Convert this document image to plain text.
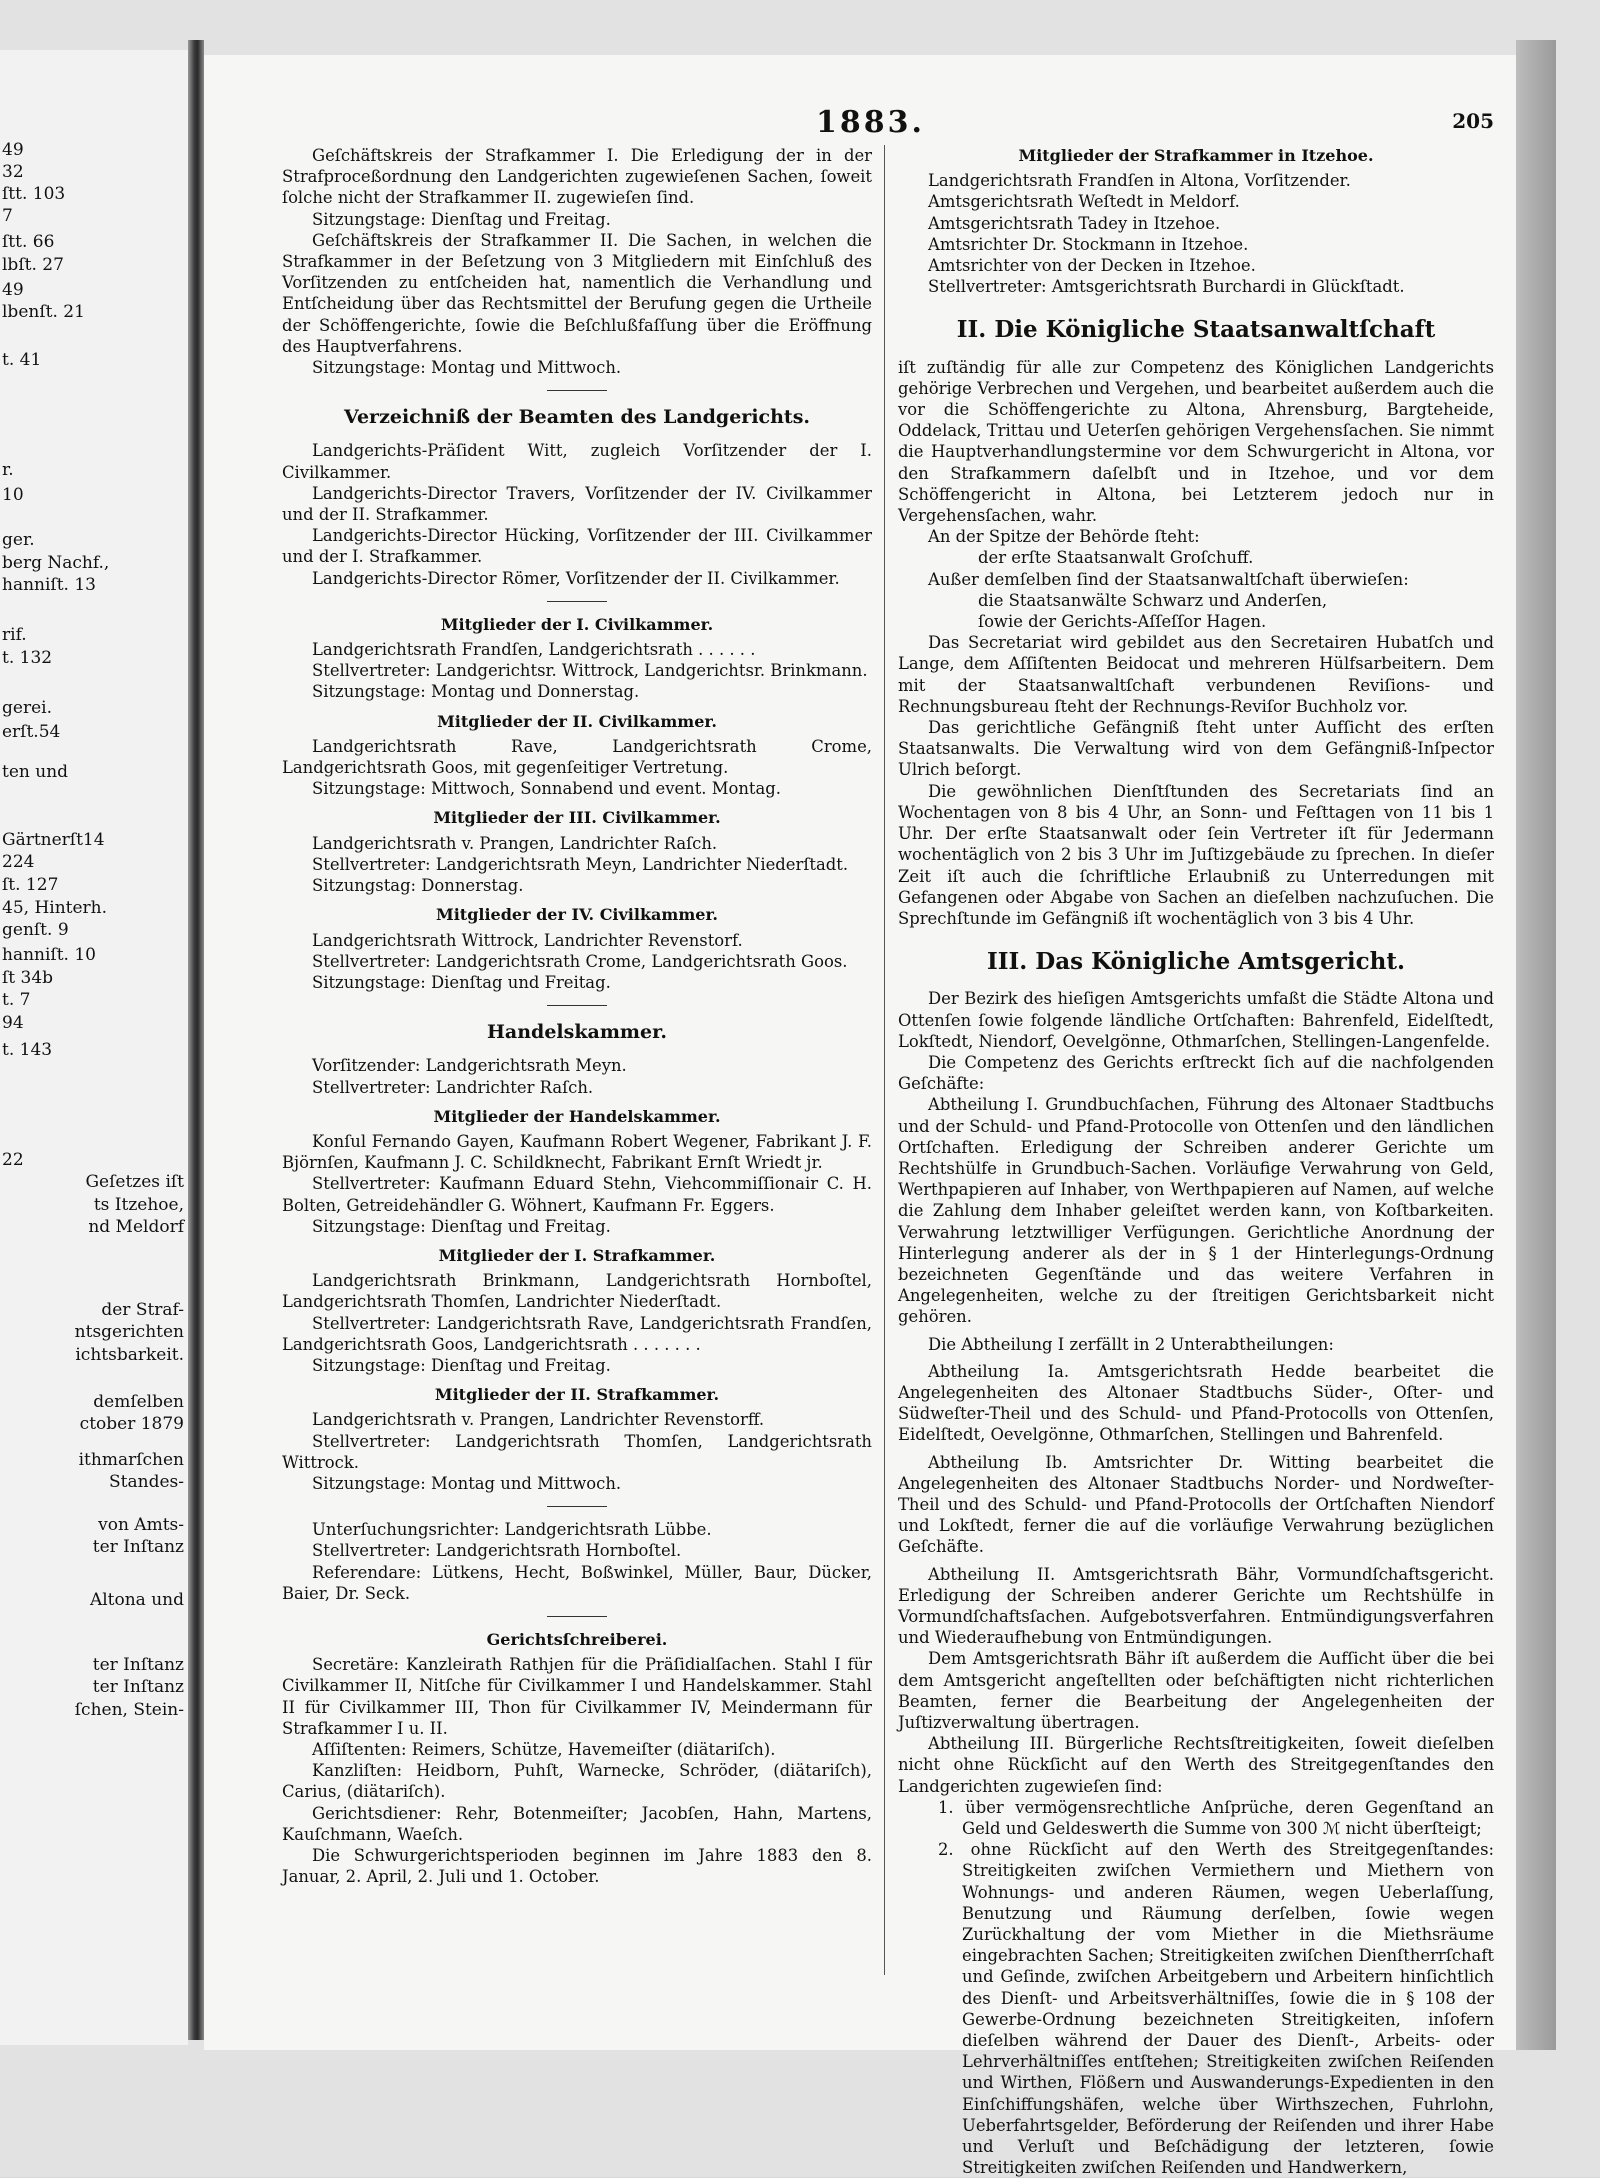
49
32
ſtt. 103
7
ſtt. 66
lbſt. 27
49
lbenſt. 21
t. 41
r.
10
ger.
berg Nachf.,
hanniſt. 13
rif.
t. 132
gerei.
erſt.54
ten und
Gärtnerſt14
224
ſt. 127
45, Hinterh.
genſt. 9
hanniſt. 10
ſt 34b
t. 7
94
t. 143
22
Geſetzes iſt
ts Itzehoe,
nd Meldorf
der Straf-
ntsgerichten
ichtsbarkeit.
demſelben
ctober 1879
ithmarſchen
Standes-
von Amts-
ter Inſtanz
Altona und
ter Inſtanz
ter Inſtanz
ſchen, Stein-
1883.	205

Geſchäftskreis der Strafkammer I. Die Erledigung der in der Strafproceßordnung den Landgerichten zugewieſenen Sachen, ſoweit ſolche nicht der Strafkammer II. zugewieſen ſind.

Sitzungstage: Dienſtag und Freitag.

Geſchäftskreis der Strafkammer II. Die Sachen, in welchen die Strafkammer in der Beſetzung von 3 Mitgliedern mit Einſchluß des Vorſitzenden zu entſcheiden hat, namentlich die Verhandlung und Entſcheidung über das Rechtsmittel der Berufung gegen die Urtheile der Schöffengerichte, ſowie die Beſchlußfaſſung über die Eröffnung des Hauptverfahrens.

Sitzungstage: Montag und Mittwoch.

Verzeichniß der Beamten des Landgerichts.

Landgerichts-Präſident Witt, zugleich Vorſitzender der I. Civilkammer.

Landgerichts-Director Travers, Vorſitzender der IV. Civilkammer und der II. Strafkammer.

Landgerichts-Director Hücking, Vorſitzender der III. Civilkammer und der I. Strafkammer.

Landgerichts-Director Römer, Vorſitzender der II. Civilkammer.

Mitglieder der I. Civilkammer.

Landgerichtsrath Frandſen, Landgerichtsrath . . . . . .

Stellvertreter: Landgerichtsr. Wittrock, Landgerichtsr. Brinkmann.

Sitzungstage: Montag und Donnerstag.

Mitglieder der II. Civilkammer.

Landgerichtsrath Rave, Landgerichtsrath Crome, Landgerichtsrath Goos, mit gegenſeitiger Vertretung.

Sitzungstage: Mittwoch, Sonnabend und event. Montag.

Mitglieder der III. Civilkammer.

Landgerichtsrath v. Prangen, Landrichter Raſch.

Stellvertreter: Landgerichtsrath Meyn, Landrichter Niederſtadt.

Sitzungstag: Donnerstag.

Mitglieder der IV. Civilkammer.

Landgerichtsrath Wittrock, Landrichter Revenstorf.

Stellvertreter: Landgerichtsrath Crome, Landgerichtsrath Goos.

Sitzungstage: Dienſtag und Freitag.

Handelskammer.

Vorſitzender: Landgerichtsrath Meyn.

Stellvertreter: Landrichter Raſch.

Mitglieder der Handelskammer.

Konſul Fernando Gayen, Kaufmann Robert Wegener, Fabrikant J. F. Björnſen, Kaufmann J. C. Schildknecht, Fabrikant Ernſt Wriedt jr.

Stellvertreter: Kaufmann Eduard Stehn, Viehcommiſſionair C. H. Bolten, Getreidehändler G. Wöhnert, Kaufmann Fr. Eggers.

Sitzungstage: Dienſtag und Freitag.

Mitglieder der I. Strafkammer.

Landgerichtsrath Brinkmann, Landgerichtsrath Hornboſtel, Landgerichtsrath Thomſen, Landrichter Niederſtadt.

Stellvertreter: Landgerichtsrath Rave, Landgerichtsrath Frandſen, Landgerichtsrath Goos, Landgerichtsrath . . . . . . .

Sitzungstage: Dienſtag und Freitag.

Mitglieder der II. Strafkammer.

Landgerichtsrath v. Prangen, Landrichter Revenstorff.

Stellvertreter: Landgerichtsrath Thomſen, Landgerichtsrath Wittrock.

Sitzungstage: Montag und Mittwoch.

Unterſuchungsrichter: Landgerichtsrath Lübbe.

Stellvertreter: Landgerichtsrath Hornboſtel.

Referendare: Lütkens, Hecht, Boßwinkel, Müller, Baur, Dücker, Baier, Dr. Seck.

Gerichtsſchreiberei.

Secretäre: Kanzleirath Rathjen für die Präſidialſachen. Stahl I für Civilkammer II, Nitſche für Civilkammer I und Handelskammer. Stahl II für Civilkammer III, Thon für Civilkammer IV, Meindermann für Strafkammer I u. II.

Aſſiſtenten: Reimers, Schütze, Havemeiſter (diätariſch).

Kanzliſten: Heidborn, Puhſt, Warnecke, Schröder, (diätariſch), Carius, (diätariſch).

Gerichtsdiener: Rehr, Botenmeiſter; Jacobſen, Hahn, Martens, Kauſchmann, Waeſch.

Die Schwurgerichtsperioden beginnen im Jahre 1883 den 8. Januar, 2. April, 2. Juli und 1. October.

Mitglieder der Strafkammer in Itzehoe.

Landgerichtsrath Frandſen in Altona, Vorſitzender.

Amtsgerichtsrath Weſtedt in Meldorf.

Amtsgerichtsrath Tadey in Itzehoe.

Amtsrichter Dr. Stockmann in Itzehoe.

Amtsrichter von der Decken in Itzehoe.

Stellvertreter: Amtsgerichtsrath Burchardi in Glückſtadt.

II. Die Königliche Staatsanwaltſchaft

iſt zuſtändig für alle zur Competenz des Königlichen Landgerichts gehörige Verbrechen und Vergehen, und bearbeitet außerdem auch die vor die Schöffengerichte zu Altona, Ahrensburg, Bargteheide, Oddelack, Trittau und Ueterſen gehörigen Vergehensſachen. Sie nimmt die Hauptverhandlungstermine vor dem Schwurgericht in Altona, vor den Strafkammern daſelbſt und in Itzehoe, und vor dem Schöffengericht in Altona, bei Letzterem jedoch nur in Vergehensſachen, wahr.

An der Spitze der Behörde ſteht:

der erſte Staatsanwalt Groſchuff.

Außer demſelben ſind der Staatsanwaltſchaft überwieſen:

die Staatsanwälte Schwarz und Anderſen,

ſowie der Gerichts-Aſſeſſor Hagen.

Das Secretariat wird gebildet aus den Secretairen Hubatſch und Lange, dem Aſſiſtenten Beidocat und mehreren Hülfsarbeitern. Dem mit der Staatsanwaltſchaft verbundenen Reviſions- und Rechnungsbureau ſteht der Rechnungs-Reviſor Buchholz vor.

Das gerichtliche Gefängniß ſteht unter Aufſicht des erſten Staatsanwalts. Die Verwaltung wird von dem Gefängniß-Inſpector Ulrich beſorgt.

Die gewöhnlichen Dienſtſtunden des Secretariats ſind an Wochentagen von 8 bis 4 Uhr, an Sonn- und Feſttagen von 11 bis 1 Uhr. Der erſte Staatsanwalt oder ſein Vertreter iſt für Jedermann wochentäglich von 2 bis 3 Uhr im Juſtizgebäude zu ſprechen. In dieſer Zeit iſt auch die ſchriftliche Erlaubniß zu Unterredungen mit Gefangenen oder Abgabe von Sachen an dieſelben nachzuſuchen. Die Sprechſtunde im Gefängniß iſt wochentäglich von 3 bis 4 Uhr.

III. Das Königliche Amtsgericht.

Der Bezirk des hieſigen Amtsgerichts umfaßt die Städte Altona und Ottenſen ſowie folgende ländliche Ortſchaften: Bahrenfeld, Eidelſtedt, Lokſtedt, Niendorf, Oevelgönne, Othmarſchen, Stellingen-Langenfelde.

Die Competenz des Gerichts erſtreckt ſich auf die nachfolgenden Geſchäfte:

Abtheilung I. Grundbuchſachen, Führung des Altonaer Stadtbuchs und der Schuld- und Pfand-Protocolle von Ottenſen und den ländlichen Ortſchaften. Erledigung der Schreiben anderer Gerichte um Rechtshülfe in Grundbuch-Sachen. Vorläufige Verwahrung von Geld, Werthpapieren auf Inhaber, von Werthpapieren auf Namen, auf welche die Zahlung dem Inhaber geleiſtet werden kann, von Koſtbarkeiten. Verwahrung letztwilliger Verfügungen. Gerichtliche Anordnung der Hinterlegung anderer als der in § 1 der Hinterlegungs-Ordnung bezeichneten Gegenſtände und das weitere Verfahren in Angelegenheiten, welche zu der ſtreitigen Gerichtsbarkeit nicht gehören.

Die Abtheilung I zerfällt in 2 Unterabtheilungen:

Abtheilung Ia. Amtsgerichtsrath Hedde bearbeitet die Angelegenheiten des Altonaer Stadtbuchs Süder-, Oſter- und Südweſter-Theil und des Schuld- und Pfand-Protocolls von Ottenſen, Eidelſtedt, Oevelgönne, Othmarſchen, Stellingen und Bahrenfeld.

Abtheilung Ib. Amtsrichter Dr. Witting bearbeitet die Angelegenheiten des Altonaer Stadtbuchs Norder- und Nordweſter-Theil und des Schuld- und Pfand-Protocolls der Ortſchaften Niendorf und Lokſtedt, ferner die auf die vorläufige Verwahrung bezüglichen Geſchäfte.

Abtheilung II. Amtsgerichtsrath Bähr, Vormundſchaftsgericht. Erledigung der Schreiben anderer Gerichte um Rechtshülfe in Vormundſchaftsſachen. Aufgebotsverfahren. Entmündigungsverfahren und Wiederaufhebung von Entmündigungen.

Dem Amtsgerichtsrath Bähr iſt außerdem die Aufſicht über die bei dem Amtsgericht angeſtellten oder beſchäftigten nicht richterlichen Beamten, ferner die Bearbeitung der Angelegenheiten der Juſtizverwaltung übertragen.

Abtheilung III. Bürgerliche Rechtsſtreitigkeiten, ſoweit dieſelben nicht ohne Rückſicht auf den Werth des Streitgegenſtandes den Landgerichten zugewieſen ſind:

1. über vermögensrechtliche Anſprüche, deren Gegenſtand an Geld und Geldeswerth die Summe von 300 ℳ nicht überſteigt;

2. ohne Rückſicht auf den Werth des Streitgegenſtandes: Streitigkeiten zwiſchen Vermiethern und Miethern von Wohnungs- und anderen Räumen, wegen Ueberlaſſung, Benutzung und Räumung derſelben, ſowie wegen Zurückhaltung der vom Miether in die Miethsräume eingebrachten Sachen; Streitigkeiten zwiſchen Dienſtherrſchaft und Geſinde, zwiſchen Arbeitgebern und Arbeitern hinſichtlich des Dienſt- und Arbeitsverhältniſſes, ſowie die in § 108 der Gewerbe-Ordnung bezeichneten Streitigkeiten, inſofern dieſelben während der Dauer des Dienſt-, Arbeits- oder Lehrverhältniſſes entſtehen; Streitigkeiten zwiſchen Reiſenden und Wirthen, Flößern und Auswanderungs-Expedienten in den Einſchiffungshäfen, welche über Wirthszechen, Fuhrlohn, Ueberfahrtsgelder, Beförderung der Reiſenden und ihrer Habe und Verluſt und Beſchädigung der letzteren, ſowie Streitigkeiten zwiſchen Reiſenden und Handwerkern,
